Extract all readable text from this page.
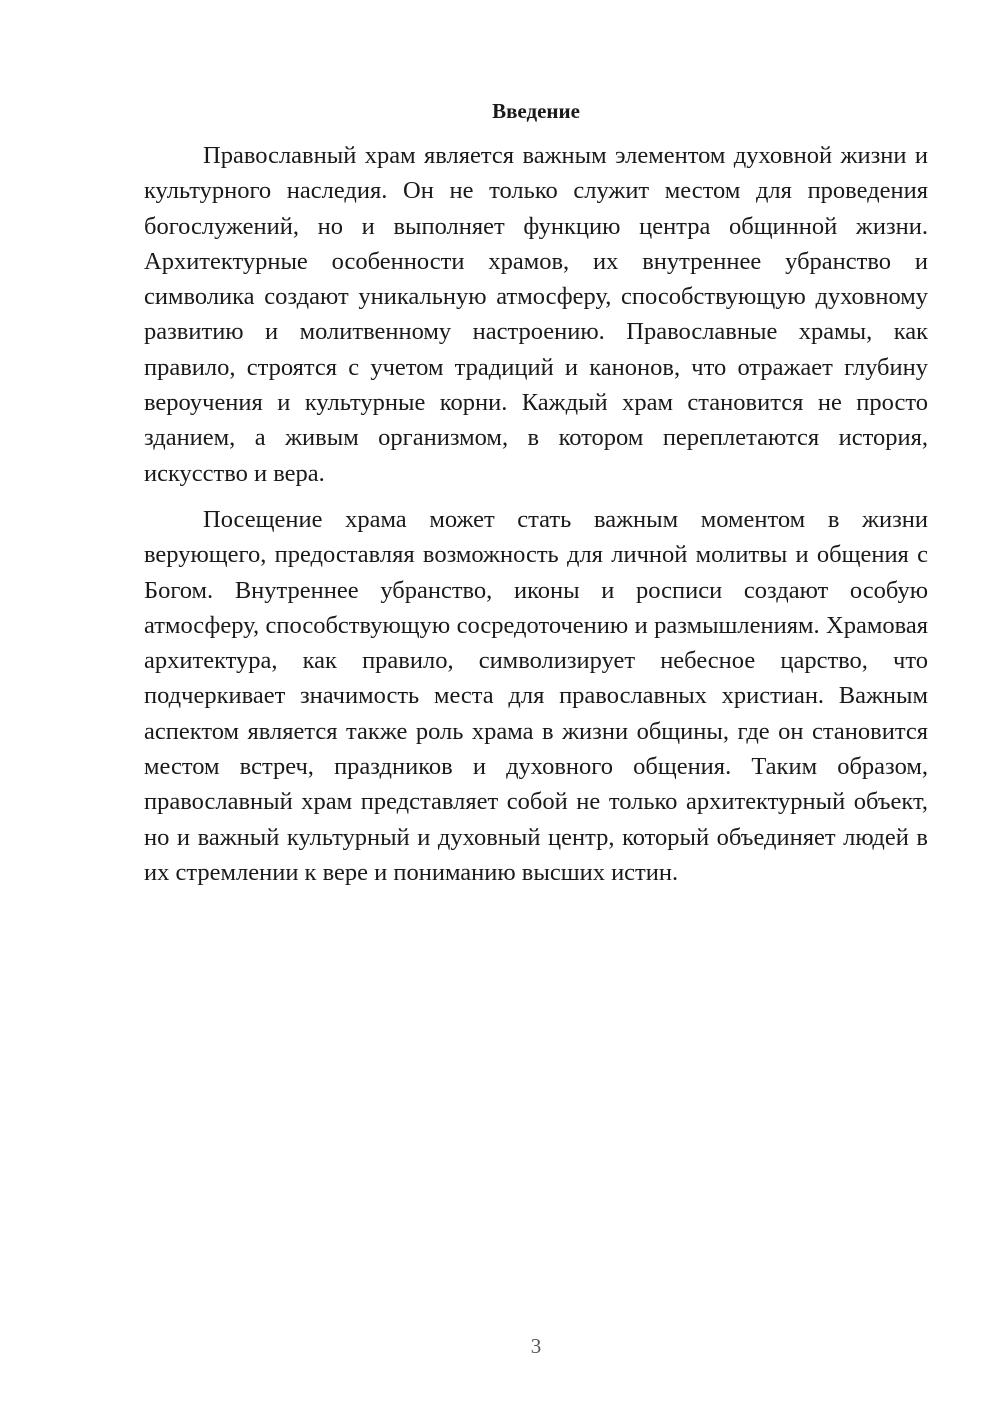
Введение

Православный храм является важным элементом духовной жизни и культурного наследия. Он не только служит местом для проведения богослужений, но и выполняет функцию центра общинной жизни. Архитектурные особенности храмов, их внутреннее убранство и символика создают уникальную атмосферу, способствующую духовному развитию и молитвенному настроению. Православные храмы, как правило, строятся с учетом традиций и канонов, что отражает глубину вероучения и культурные корни. Каждый храм становится не просто зданием, а живым организмом, в котором переплетаются история, искусство и вера.

Посещение храма может стать важным моментом в жизни верующего, предоставляя возможность для личной молитвы и общения с Богом. Внутреннее убранство, иконы и росписи создают особую атмосферу, способствующую сосредоточению и размышлениям. Храмовая архитектура, как правило, символизирует небесное царство, что подчеркивает значимость места для православных христиан. Важным аспектом является также роль храма в жизни общины, где он становится местом встреч, праздников и духовного общения. Таким образом, православный храм представляет собой не только архитектурный объект, но и важный культурный и духовный центр, который объединяет людей в их стремлении к вере и пониманию высших истин.

3
